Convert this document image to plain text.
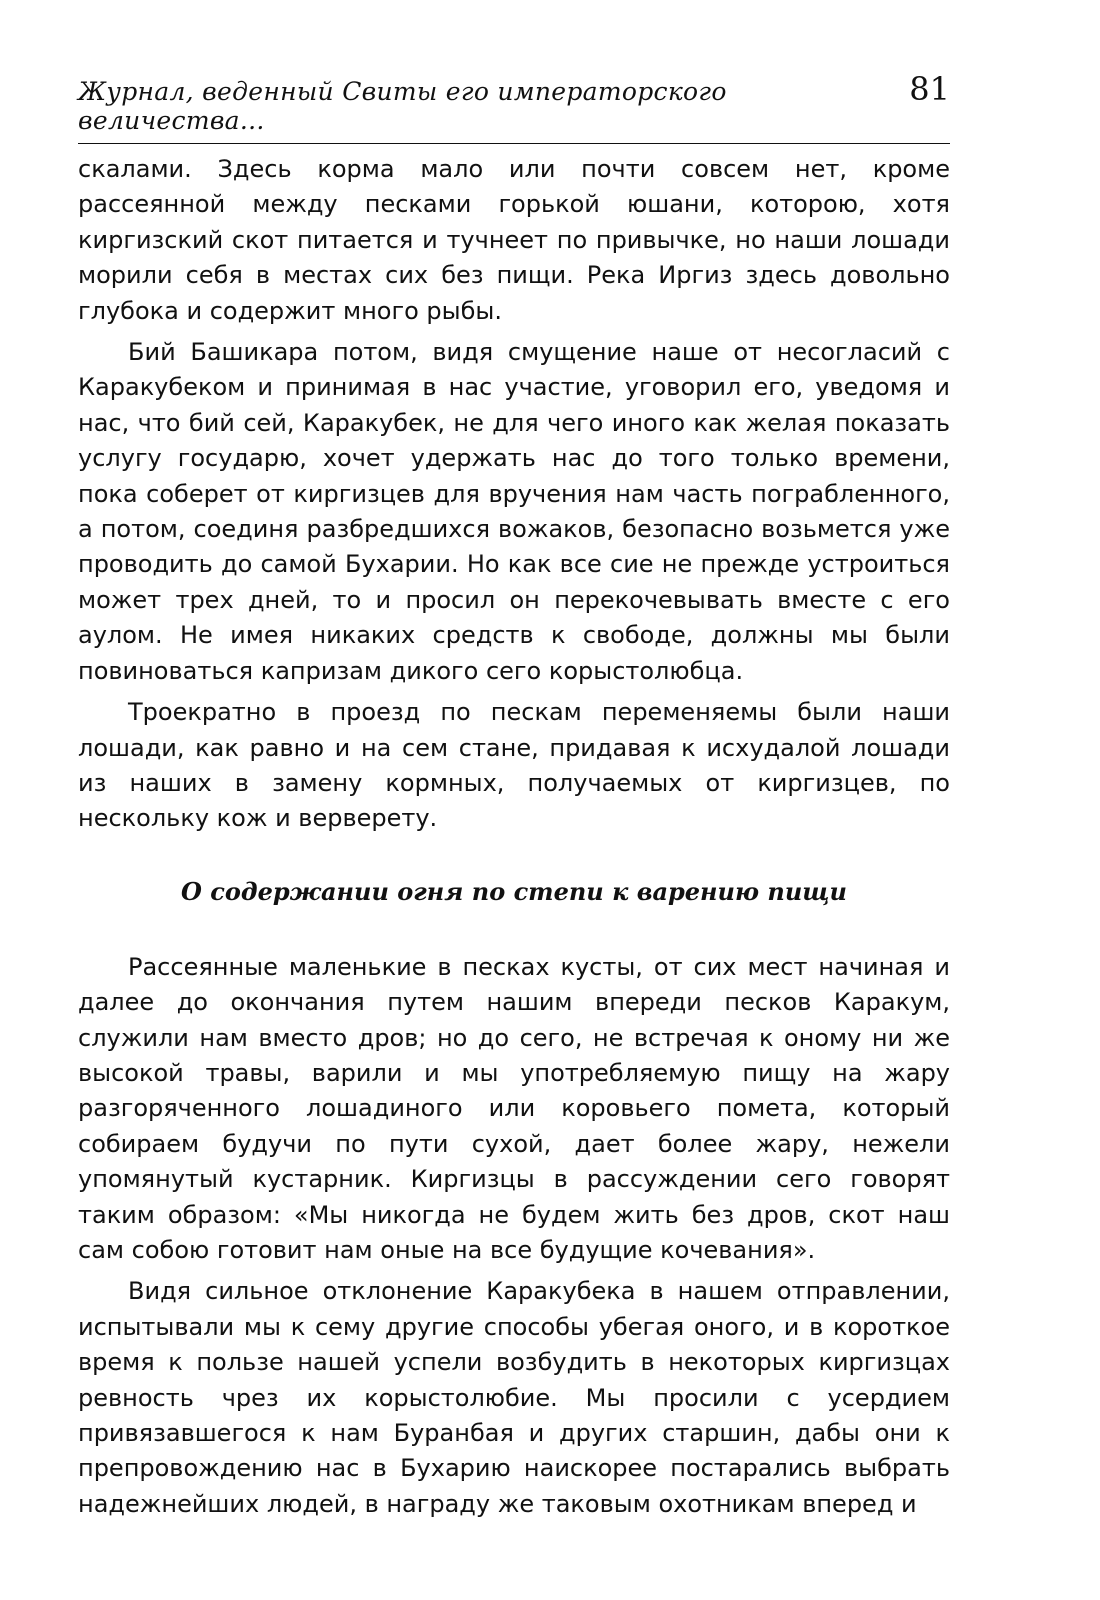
Журнал, веденный Свиты его императорского величества...
81

скалами. Здесь корма мало или почти совсем нет, кроме рассеянной между песками горькой юшани, которою, хотя киргизский скот питается и тучнеет по привычке, но наши лошади морили себя в местах сих без пищи. Река Иргиз здесь довольно глубока и содержит много рыбы.

Бий Башикара потом, видя смущение наше от несогласий с Каракубеком и принимая в нас участие, уговорил его, уведомя и нас, что бий сей, Каракубек, не для чего иного как желая показать услугу государю, хочет удержать нас до того только времени, пока соберет от киргизцев для вручения нам часть пограбленного, а потом, соединя разбредшихся вожаков, безопасно возьмется уже проводить до самой Бухарии. Но как все сие не прежде устроиться может трех дней, то и просил он перекочевывать вместе с его аулом. Не имея никаких средств к свободе, должны мы были повиноваться капризам дикого сего корыстолюбца.

Троекратно в проезд по пескам переменяемы были наши лошади, как равно и на сем стане, придавая к исхудалой лошади из наших в замену кормных, получаемых от киргизцев, по нескольку кож и верверету.

О содержании огня по степи к варению пищи

Рассеянные маленькие в песках кусты, от сих мест начиная и далее до окончания путем нашим впереди песков Каракум, служили нам вместо дров; но до сего, не встречая к оному ни же высокой травы, варили и мы употребляемую пищу на жару разгоряченного лошадиного или коровьего помета, который собираем будучи по пути сухой, дает более жару, нежели упомянутый кустарник. Киргизцы в рассуждении сего говорят таким образом: «Мы никогда не будем жить без дров, скот наш сам собою готовит нам оные на все будущие кочевания».

Видя сильное отклонение Каракубека в нашем отправлении, испытывали мы к сему другие способы убегая оного, и в короткое время к пользе нашей успели возбудить в некоторых киргизцах ревность чрез их корыстолюбие. Мы просили с усердием привязавшегося к нам Буранбая и других старшин, дабы они к препровождению нас в Бухарию наискорее постарались выбрать надежнейших людей, в награду же таковым охотникам вперед и
